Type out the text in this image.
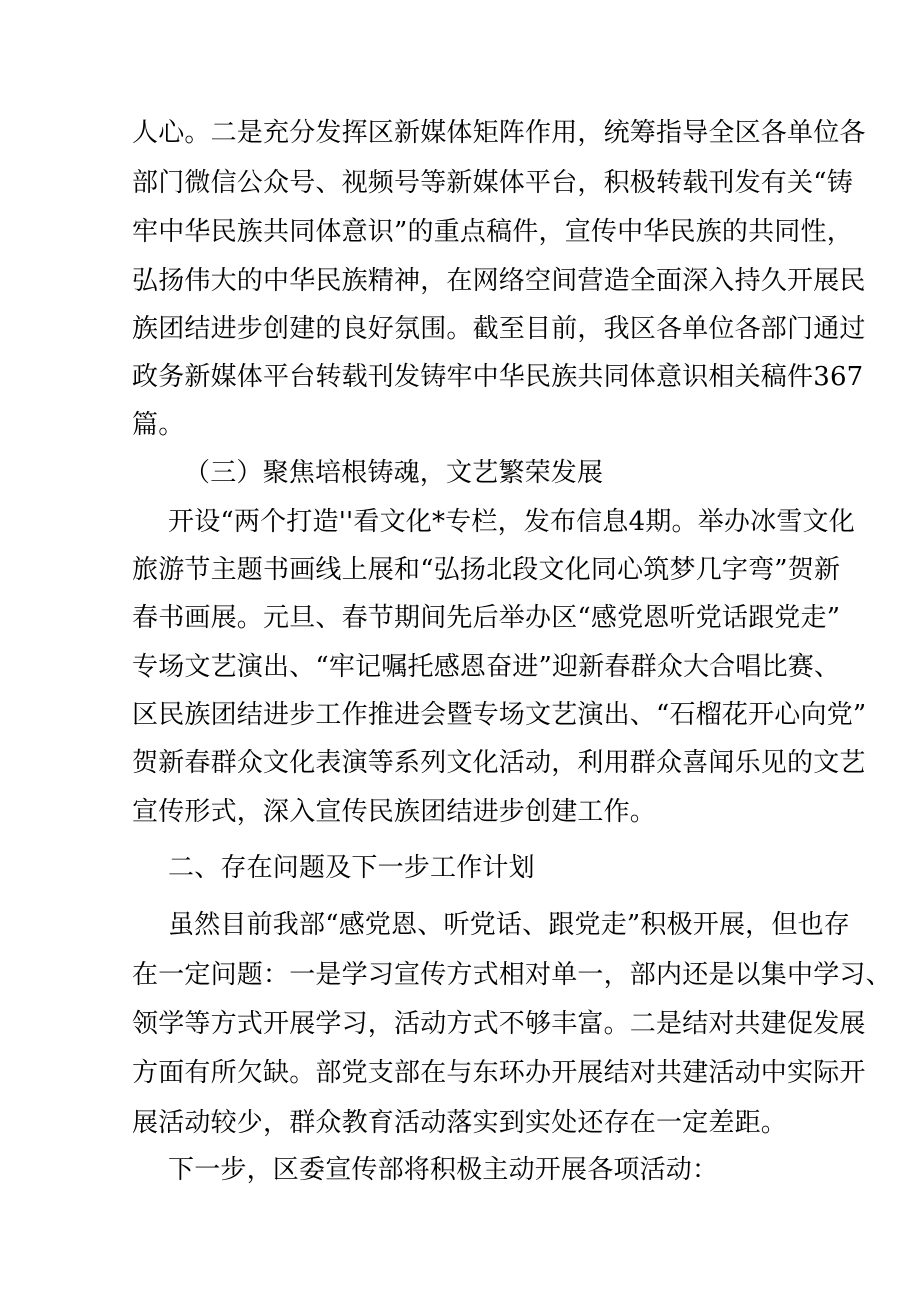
人心。二是充分发挥区新媒体矩阵作用，统筹指导全区各单位各
部门微信公众号、视频号等新媒体平台，积极转载刊发有关“铸
牢中华民族共同体意识”的重点稿件，宣传中华民族的共同性，
弘扬伟大的中华民族精神，在网络空间营造全面深入持久开展民
族团结进步创建的良好氛围。截至目前，我区各单位各部门通过
政务新媒体平台转载刊发铸牢中华民族共同体意识相关稿件367
篇。
（三）聚焦培根铸魂，文艺繁荣发展
开设“两个打造''看文化*专栏，发布信息4期。举办冰雪文化
旅游节主题书画线上展和“弘扬北段文化同心筑梦几字弯”贺新
春书画展。元旦、春节期间先后举办区“感党恩听党话跟党走”
专场文艺演出、“牢记嘱托感恩奋进”迎新春群众大合唱比赛、
区民族团结进步工作推进会暨专场文艺演出、“石榴花开心向党”
贺新春群众文化表演等系列文化活动，利用群众喜闻乐见的文艺
宣传形式，深入宣传民族团结进步创建工作。
二、存在问题及下一步工作计划
虽然目前我部“感党恩、听党话、跟党走”积极开展，但也存
在一定问题：一是学习宣传方式相对单一，部内还是以集中学习、
领学等方式开展学习，活动方式不够丰富。二是结对共建促发展
方面有所欠缺。部党支部在与东环办开展结对共建活动中实际开
展活动较少，群众教育活动落实到实处还存在一定差距。
下一步，区委宣传部将积极主动开展各项活动：
